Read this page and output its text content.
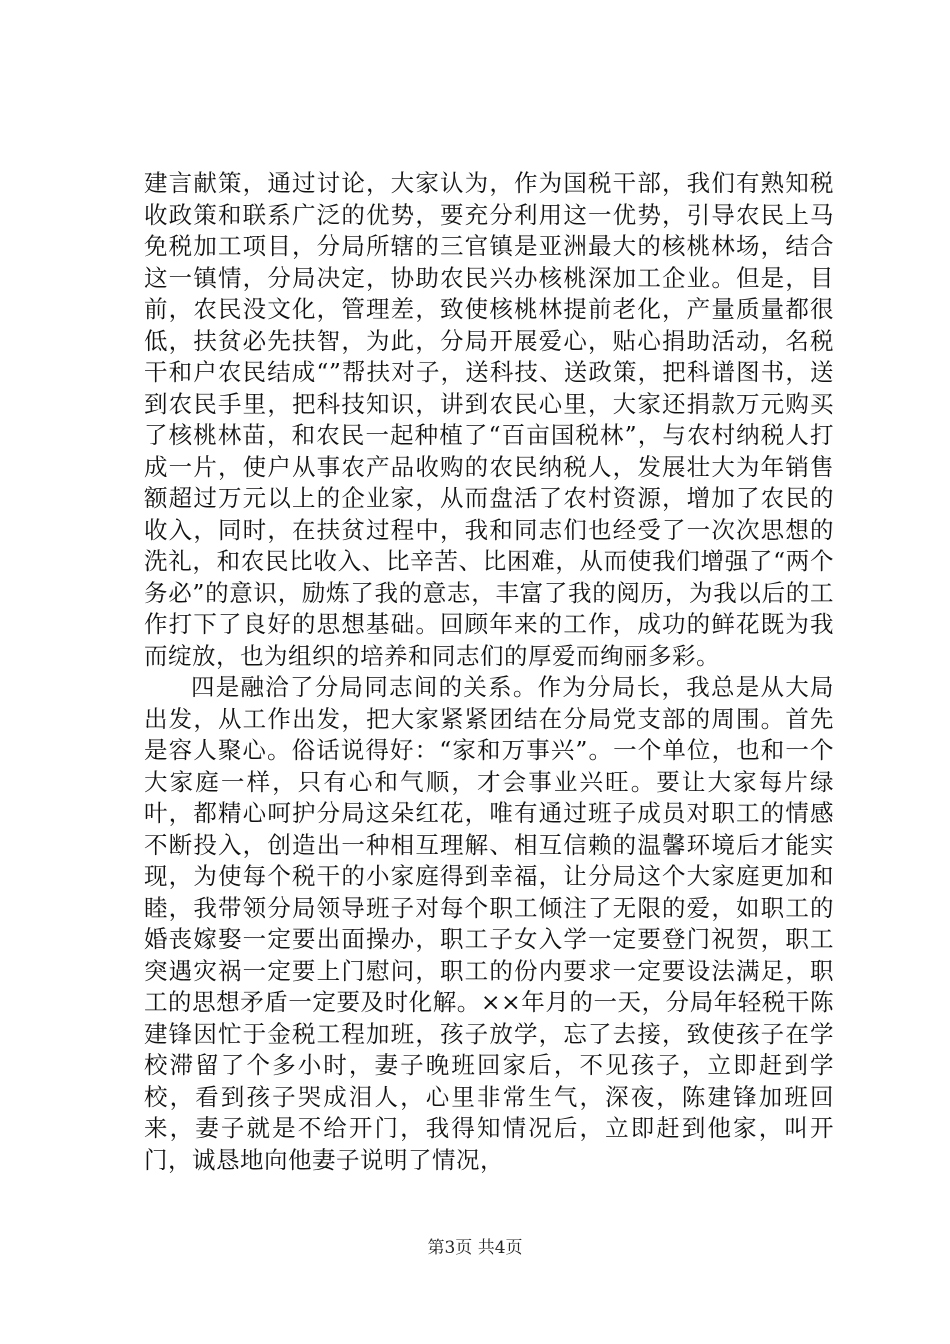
建言献策，通过讨论，大家认为，作为国税干部，我们有熟知税收政策和联系广泛的优势，要充分利用这一优势，引导农民上马免税加工项目，分局所辖的三官镇是亚洲最大的核桃林场，结合这一镇情，分局决定，协助农民兴办核桃深加工企业。但是，目前，农民没文化，管理差，致使核桃林提前老化，产量质量都很低，扶贫必先扶智，为此，分局开展爱心，贴心捐助活动，名税干和户农民结成“”帮扶对子，送科技、送政策，把科谱图书，送到农民手里，把科技知识，讲到农民心里，大家还捐款万元购买了核桃林苗，和农民一起种植了“百亩国税林”，与农村纳税人打成一片，使户从事农产品收购的农民纳税人，发展壮大为年销售额超过万元以上的企业家，从而盘活了农村资源，增加了农民的收入，同时，在扶贫过程中，我和同志们也经受了一次次思想的洗礼，和农民比收入、比辛苦、比困难，从而使我们增强了“两个务必”的意识，励炼了我的意志，丰富了我的阅历，为我以后的工作打下了良好的思想基础。回顾年来的工作，成功的鲜花既为我而绽放，也为组织的培养和同志们的厚爱而绚丽多彩。

四是融洽了分局同志间的关系。作为分局长，我总是从大局出发，从工作出发，把大家紧紧团结在分局党支部的周围。首先是容人聚心。俗话说得好：“家和万事兴”。一个单位，也和一个大家庭一样，只有心和气顺，才会事业兴旺。要让大家每片绿叶，都精心呵护分局这朵红花，唯有通过班子成员对职工的情感不断投入，创造出一种相互理解、相互信赖的温馨环境后才能实现，为使每个税干的小家庭得到幸福，让分局这个大家庭更加和睦，我带领分局领导班子对每个职工倾注了无限的爱，如职工的婚丧嫁娶一定要出面操办，职工子女入学一定要登门祝贺，职工突遇灾祸一定要上门慰问，职工的份内要求一定要设法满足，职工的思想矛盾一定要及时化解。××年月的一天，分局年轻税干陈建锋因忙于金税工程加班，孩子放学，忘了去接，致使孩子在学校滞留了个多小时，妻子晚班回家后，不见孩子，立即赶到学校，看到孩子哭成泪人，心里非常生气，深夜，陈建锋加班回来，妻子就是不给开门，我得知情况后，立即赶到他家，叫开门，诚恳地向他妻子说明了情况，

第3页 共4页
